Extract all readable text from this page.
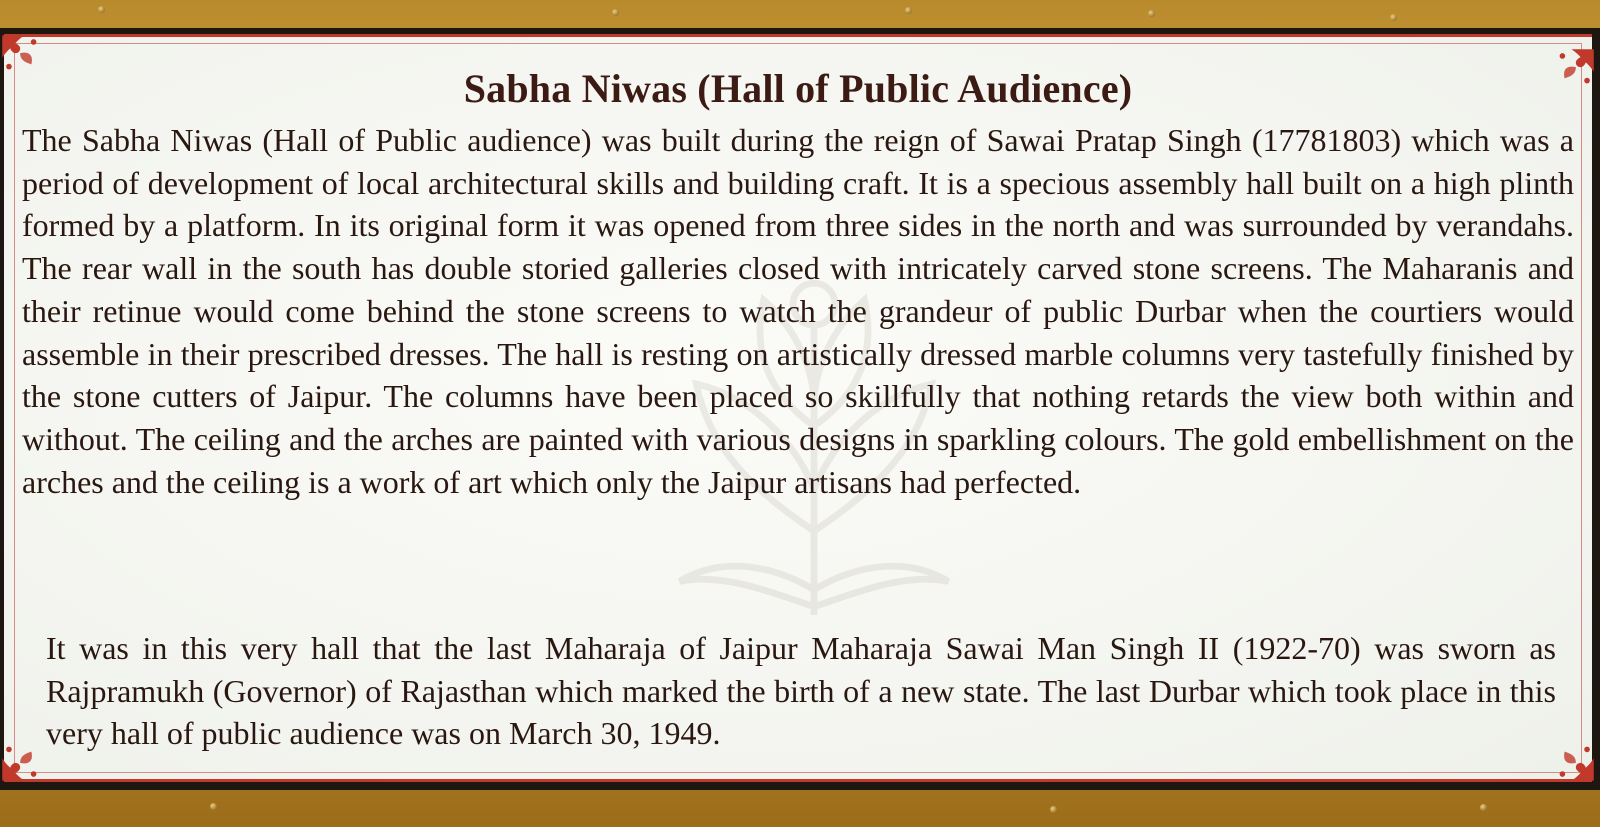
Sabha Niwas (Hall of Public Audience)
The Sabha Niwas (Hall of Public audience) was built during the reign of Sawai Pratap Singh (17781803) which was a period of development of local architectural skills and building craft. It is a specious assembly hall built on a high plinth formed by a platform. In its original form it was opened from three sides in the north and was surrounded by verandahs. The rear wall in the south has double storied galleries closed with intricately carved stone screens. The Maharanis and their retinue would come behind the stone screens to watch the grandeur of public Durbar when the courtiers would assemble in their prescribed dresses. The hall is resting on artistically dressed marble columns very tastefully finished by the stone cutters of Jaipur. The columns have been placed so skillfully that nothing retards the view both within and without. The ceiling and the arches are painted with various designs in sparkling colours. The gold embellishment on the arches and the ceiling is a work of art which only the Jaipur artisans had perfected.
It was in this very hall that the last Maharaja of Jaipur Maharaja Sawai Man Singh II (1922-70) was sworn as Rajpramukh (Governor) of Rajasthan which marked the birth of a new state. The last Durbar which took place in this very hall of public audience was on March 30, 1949.
